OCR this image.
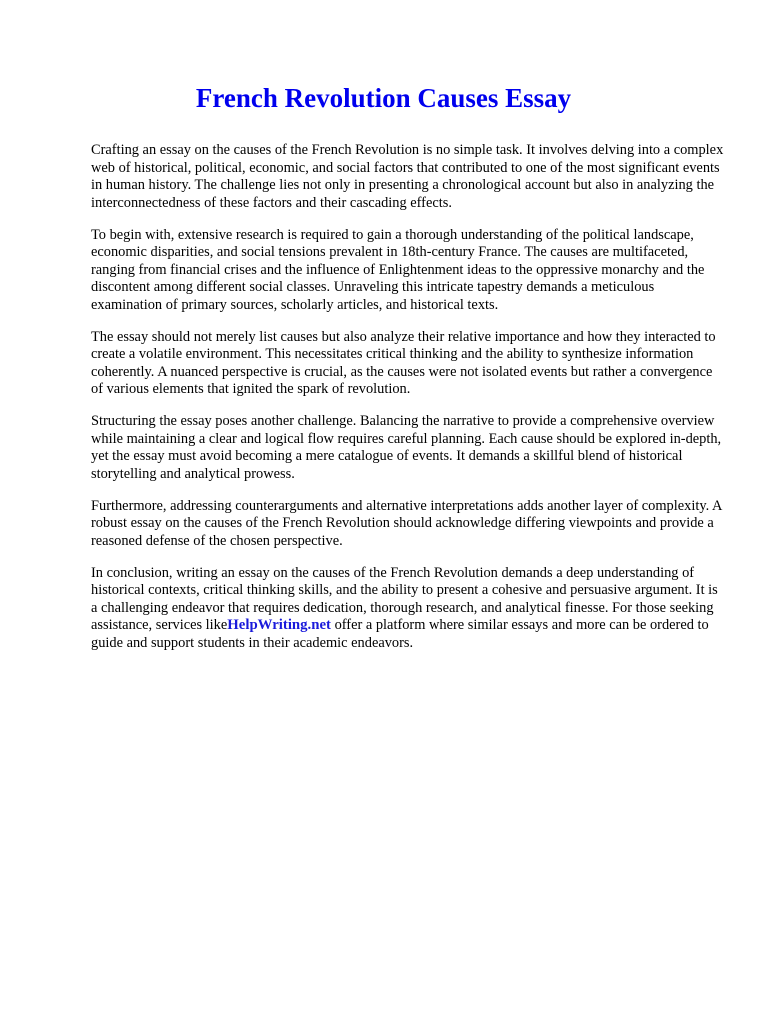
French Revolution Causes Essay

Crafting an essay on the causes of the French Revolution is no simple task. It involves delving into a complex web of historical, political, economic, and social factors that contributed to one of the most significant events in human history. The challenge lies not only in presenting a chronological account but also in analyzing the interconnectedness of these factors and their cascading effects.

To begin with, extensive research is required to gain a thorough understanding of the political landscape, economic disparities, and social tensions prevalent in 18th-century France. The causes are multifaceted, ranging from financial crises and the influence of Enlightenment ideas to the oppressive monarchy and the discontent among different social classes. Unraveling this intricate tapestry demands a meticulous examination of primary sources, scholarly articles, and historical texts.

The essay should not merely list causes but also analyze their relative importance and how they interacted to create a volatile environment. This necessitates critical thinking and the ability to synthesize information coherently. A nuanced perspective is crucial, as the causes were not isolated events but rather a convergence of various elements that ignited the spark of revolution.

Structuring the essay poses another challenge. Balancing the narrative to provide a comprehensive overview while maintaining a clear and logical flow requires careful planning. Each cause should be explored in-depth, yet the essay must avoid becoming a mere catalogue of events. It demands a skillful blend of historical storytelling and analytical prowess.

Furthermore, addressing counterarguments and alternative interpretations adds another layer of complexity. A robust essay on the causes of the French Revolution should acknowledge differing viewpoints and provide a reasoned defense of the chosen perspective.

In conclusion, writing an essay on the causes of the French Revolution demands a deep understanding of historical contexts, critical thinking skills, and the ability to present a cohesive and persuasive argument. It is a challenging endeavor that requires dedication, thorough research, and analytical finesse. For those seeking assistance, services likeHelpWriting.net offer a platform where similar essays and more can be ordered to guide and support students in their academic endeavors.
